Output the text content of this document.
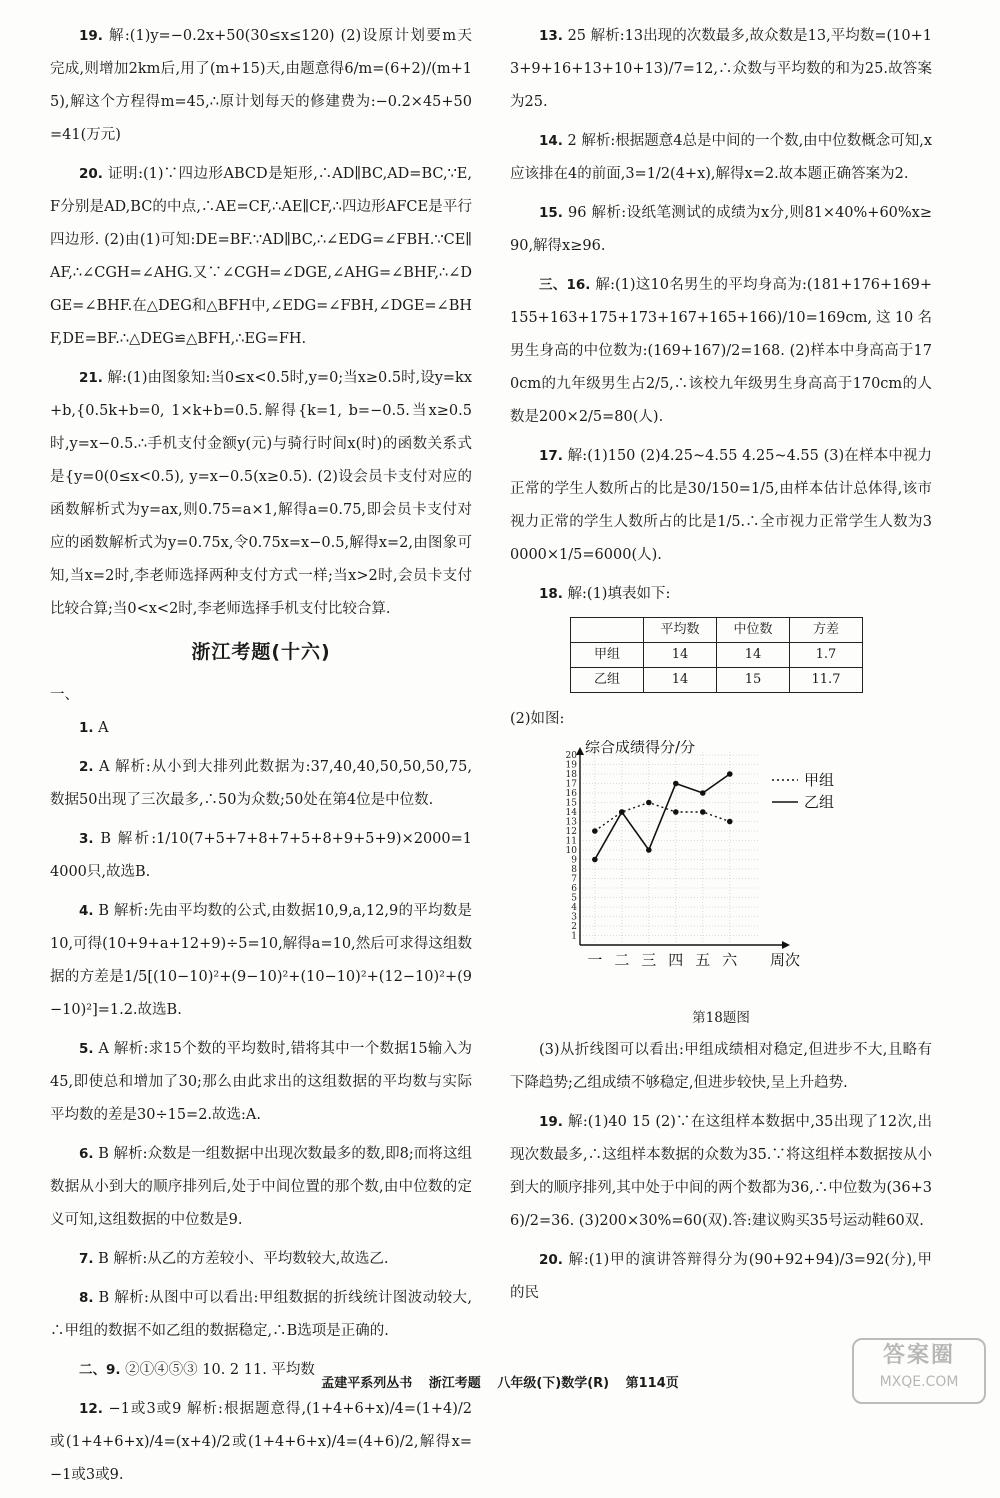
19. 解:(1)y=−0.2x+50(30≤x≤120) (2)设原计划要m天完成,则增加2km后,用了(m+15)天,由题意得6/m=(6+2)/(m+15),解这个方程得m=45,∴原计划每天的修建费为:−0.2×45+50=41(万元)
20. 证明:(1)∵四边形ABCD是矩形,∴AD∥BC,AD=BC,∵E,F分别是AD,BC的中点,∴AE=CF,∴AE∥CF,∴四边形AFCE是平行四边形. (2)由(1)可知:DE=BF.∵AD∥BC,∴∠EDG=∠FBH.∵CE∥AF,∴∠CGH=∠AHG.又∵∠CGH=∠DGE,∠AHG=∠BHF,∴∠DGE=∠BHF.在△DEG和△BFH中,∠EDG=∠FBH,∠DGE=∠BHF,DE=BF.∴△DEG≌△BFH,∴EG=FH.
21. 解:(1)由图象知:当0≤x<0.5时,y=0;当x≥0.5时,设y=kx+b,{0.5k+b=0, 1×k+b=0.5.解得{k=1, b=−0.5.当x≥0.5时,y=x−0.5.∴手机支付金额y(元)与骑行时间x(时)的函数关系式是{y=0(0≤x<0.5), y=x−0.5(x≥0.5). (2)设会员卡支付对应的函数解析式为y=ax,则0.75=a×1,解得a=0.75,即会员卡支付对应的函数解析式为y=0.75x,令0.75x=x−0.5,解得x=2,由图象可知,当x=2时,李老师选择两种支付方式一样;当x>2时,会员卡支付比较合算;当0<x<2时,李老师选择手机支付比较合算.
浙江考题(十六)
一、
1. A
2. A 解析:从小到大排列此数据为:37,40,40,50,50,50,75,数据50出现了三次最多,∴50为众数;50处在第4位是中位数.
3. B 解析:1/10(7+5+7+8+7+5+8+9+5+9)×2000=14000只,故选B.
4. B 解析:先由平均数的公式,由数据10,9,a,12,9的平均数是10,可得(10+9+a+12+9)÷5=10,解得a=10,然后可求得这组数据的方差是1/5[(10−10)²+(9−10)²+(10−10)²+(12−10)²+(9−10)²]=1.2.故选B.
5. A 解析:求15个数的平均数时,错将其中一个数据15输入为45,即使总和增加了30;那么由此求出的这组数据的平均数与实际平均数的差是30÷15=2.故选:A.
6. B 解析:众数是一组数据中出现次数最多的数,即8;而将这组数据从小到大的顺序排列后,处于中间位置的那个数,由中位数的定义可知,这组数据的中位数是9.
7. B 解析:从乙的方差较小、平均数较大,故选乙.
8. B 解析:从图中可以看出:甲组数据的折线统计图波动较大,∴甲组的数据不如乙组的数据稳定,∴B选项是正确的.
二、9. ②①④⑤③ 10. 2 11. 平均数
12. −1或3或9 解析:根据题意得,(1+4+6+x)/4=(1+4)/2或(1+4+6+x)/4=(x+4)/2或(1+4+6+x)/4=(4+6)/2,解得x=−1或3或9.
13. 25 解析:13出现的次数最多,故众数是13,平均数=(10+13+9+16+13+10+13)/7=12,∴众数与平均数的和为25.故答案为25.
14. 2 解析:根据题意4总是中间的一个数,由中位数概念可知,x应该排在4的前面,3=1/2(4+x),解得x=2.故本题正确答案为2.
15. 96 解析:设纸笔测试的成绩为x分,则81×40%+60%x≥90,解得x≥96.
三、16. 解:(1)这10名男生的平均身高为:(181+176+169+155+163+175+173+167+165+166)/10=169cm,这10名男生身高的中位数为:(169+167)/2=168. (2)样本中身高高于170cm的九年级男生占2/5,∴该校九年级男生身高高于170cm的人数是200×2/5=80(人).
17. 解:(1)150 (2)4.25~4.55 4.25~4.55 (3)在样本中视力正常的学生人数所占的比是30/150=1/5,由样本估计总体得,该市视力正常的学生人数所占的比是1/5.∴全市视力正常学生人数为30000×1/5=6000(人).
18. 解:(1)填表如下:
	平均数	中位数	方差
甲组	14	14	1.7
乙组	14	15	11.7
(2)如图:
1
2
3
4
5
6
7
8
9
10
11
12
13
14
15
16
17
18
19
20
一 二 三 四 五 六 周次
综合成绩得分/分
甲组
乙组
第18题图
(3)从折线图可以看出:甲组成绩相对稳定,但进步不大,且略有下降趋势;乙组成绩不够稳定,但进步较快,呈上升趋势.
19. 解:(1)40 15 (2)∵在这组样本数据中,35出现了12次,出现次数最多,∴这组样本数据的众数为35.∵将这组样本数据按从小到大的顺序排列,其中处于中间的两个数都为36,∴中位数为(36+36)/2=36. (3)200×30%=60(双).答:建议购买35号运动鞋60双.
20. 解:(1)甲的演讲答辩得分为(90+92+94)/3=92(分),甲的民
孟建平系列丛书 浙江考题 八年级(下)数学(R) 第114页
答案圈
MXQE.COM
